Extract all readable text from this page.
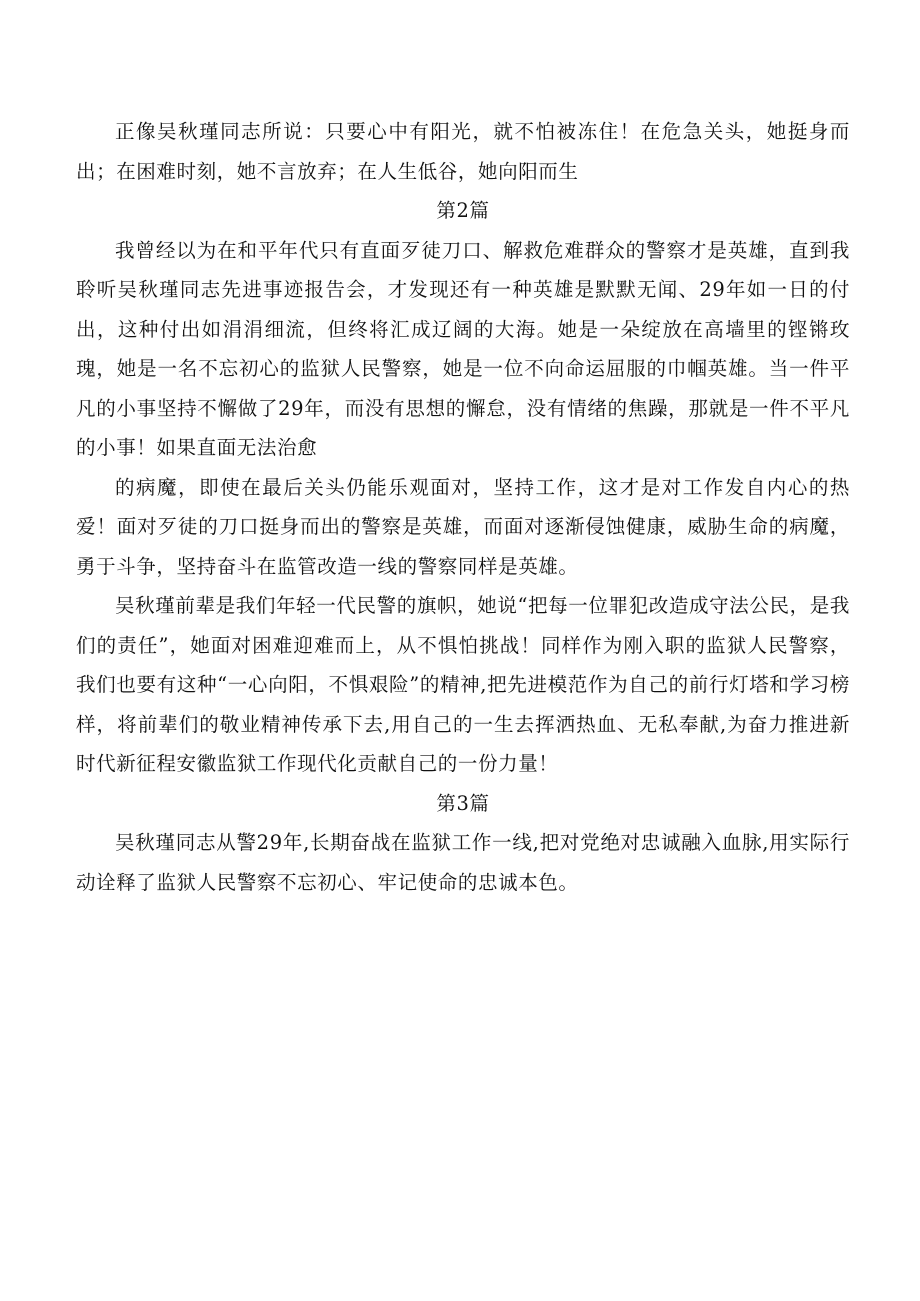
正像吴秋瑾同志所说：只要心中有阳光，就不怕被冻住！在危急关头，她挺身而出；在困难时刻，她不言放弃；在人生低谷，她向阳而生

第2篇

我曾经以为在和平年代只有直面歹徒刀口、解救危难群众的警察才是英雄，直到我聆听吴秋瑾同志先进事迹报告会，才发现还有一种英雄是默默无闻、29年如一日的付出，这种付出如涓涓细流，但终将汇成辽阔的大海。她是一朵绽放在高墙里的铿锵玫瑰，她是一名不忘初心的监狱人民警察，她是一位不向命运屈服的巾帼英雄。当一件平凡的小事坚持不懈做了29年，而没有思想的懈怠，没有情绪的焦躁，那就是一件不平凡的小事！如果直面无法治愈

的病魔，即使在最后关头仍能乐观面对，坚持工作，这才是对工作发自内心的热爱！面对歹徒的刀口挺身而出的警察是英雄，而面对逐渐侵蚀健康，威胁生命的病魔，勇于斗争，坚持奋斗在监管改造一线的警察同样是英雄。

吴秋瑾前辈是我们年轻一代民警的旗帜，她说“把每一位罪犯改造成守法公民，是我们的责任”，她面对困难迎难而上，从不惧怕挑战！同样作为刚入职的监狱人民警察，我们也要有这种“一心向阳，不惧艰险”的精神,把先进模范作为自己的前行灯塔和学习榜样，将前辈们的敬业精神传承下去,用自己的一生去挥洒热血、无私奉献,为奋力推进新时代新征程安徽监狱工作现代化贡献自己的一份力量！

第3篇

吴秋瑾同志从警29年,长期奋战在监狱工作一线,把对党绝对忠诚融入血脉,用实际行动诠释了监狱人民警察不忘初心、牢记使命的忠诚本色。
